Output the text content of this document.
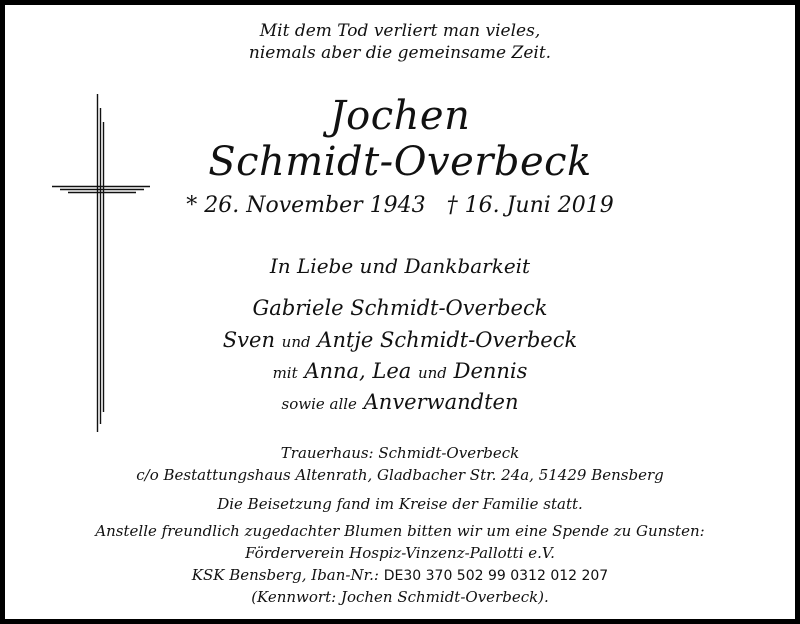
Mit dem Tod verliert man vieles,
niemals aber die gemeinsame Zeit.
Jochen
Schmidt-Overbeck
* 26. November 1943 † 16. Juni 2019
In Liebe und Dankbarkeit
Gabriele Schmidt-Overbeck
Sven und Antje Schmidt-Overbeck
mit Anna, Lea und Dennis
sowie alle Anverwandten
Trauerhaus: Schmidt-Overbeck
c/o Bestattungshaus Altenrath, Gladbacher Str. 24a, 51429 Bensberg
Die Beisetzung fand im Kreise der Familie statt.
Anstelle freundlich zugedachter Blumen bitten wir um eine Spende zu Gunsten:
Förderverein Hospiz-Vinzenz-Pallotti e.V.
KSK Bensberg, Iban-Nr.: DE30 370 502 99 0312 012 207
(Kennwort: Jochen Schmidt-Overbeck).
